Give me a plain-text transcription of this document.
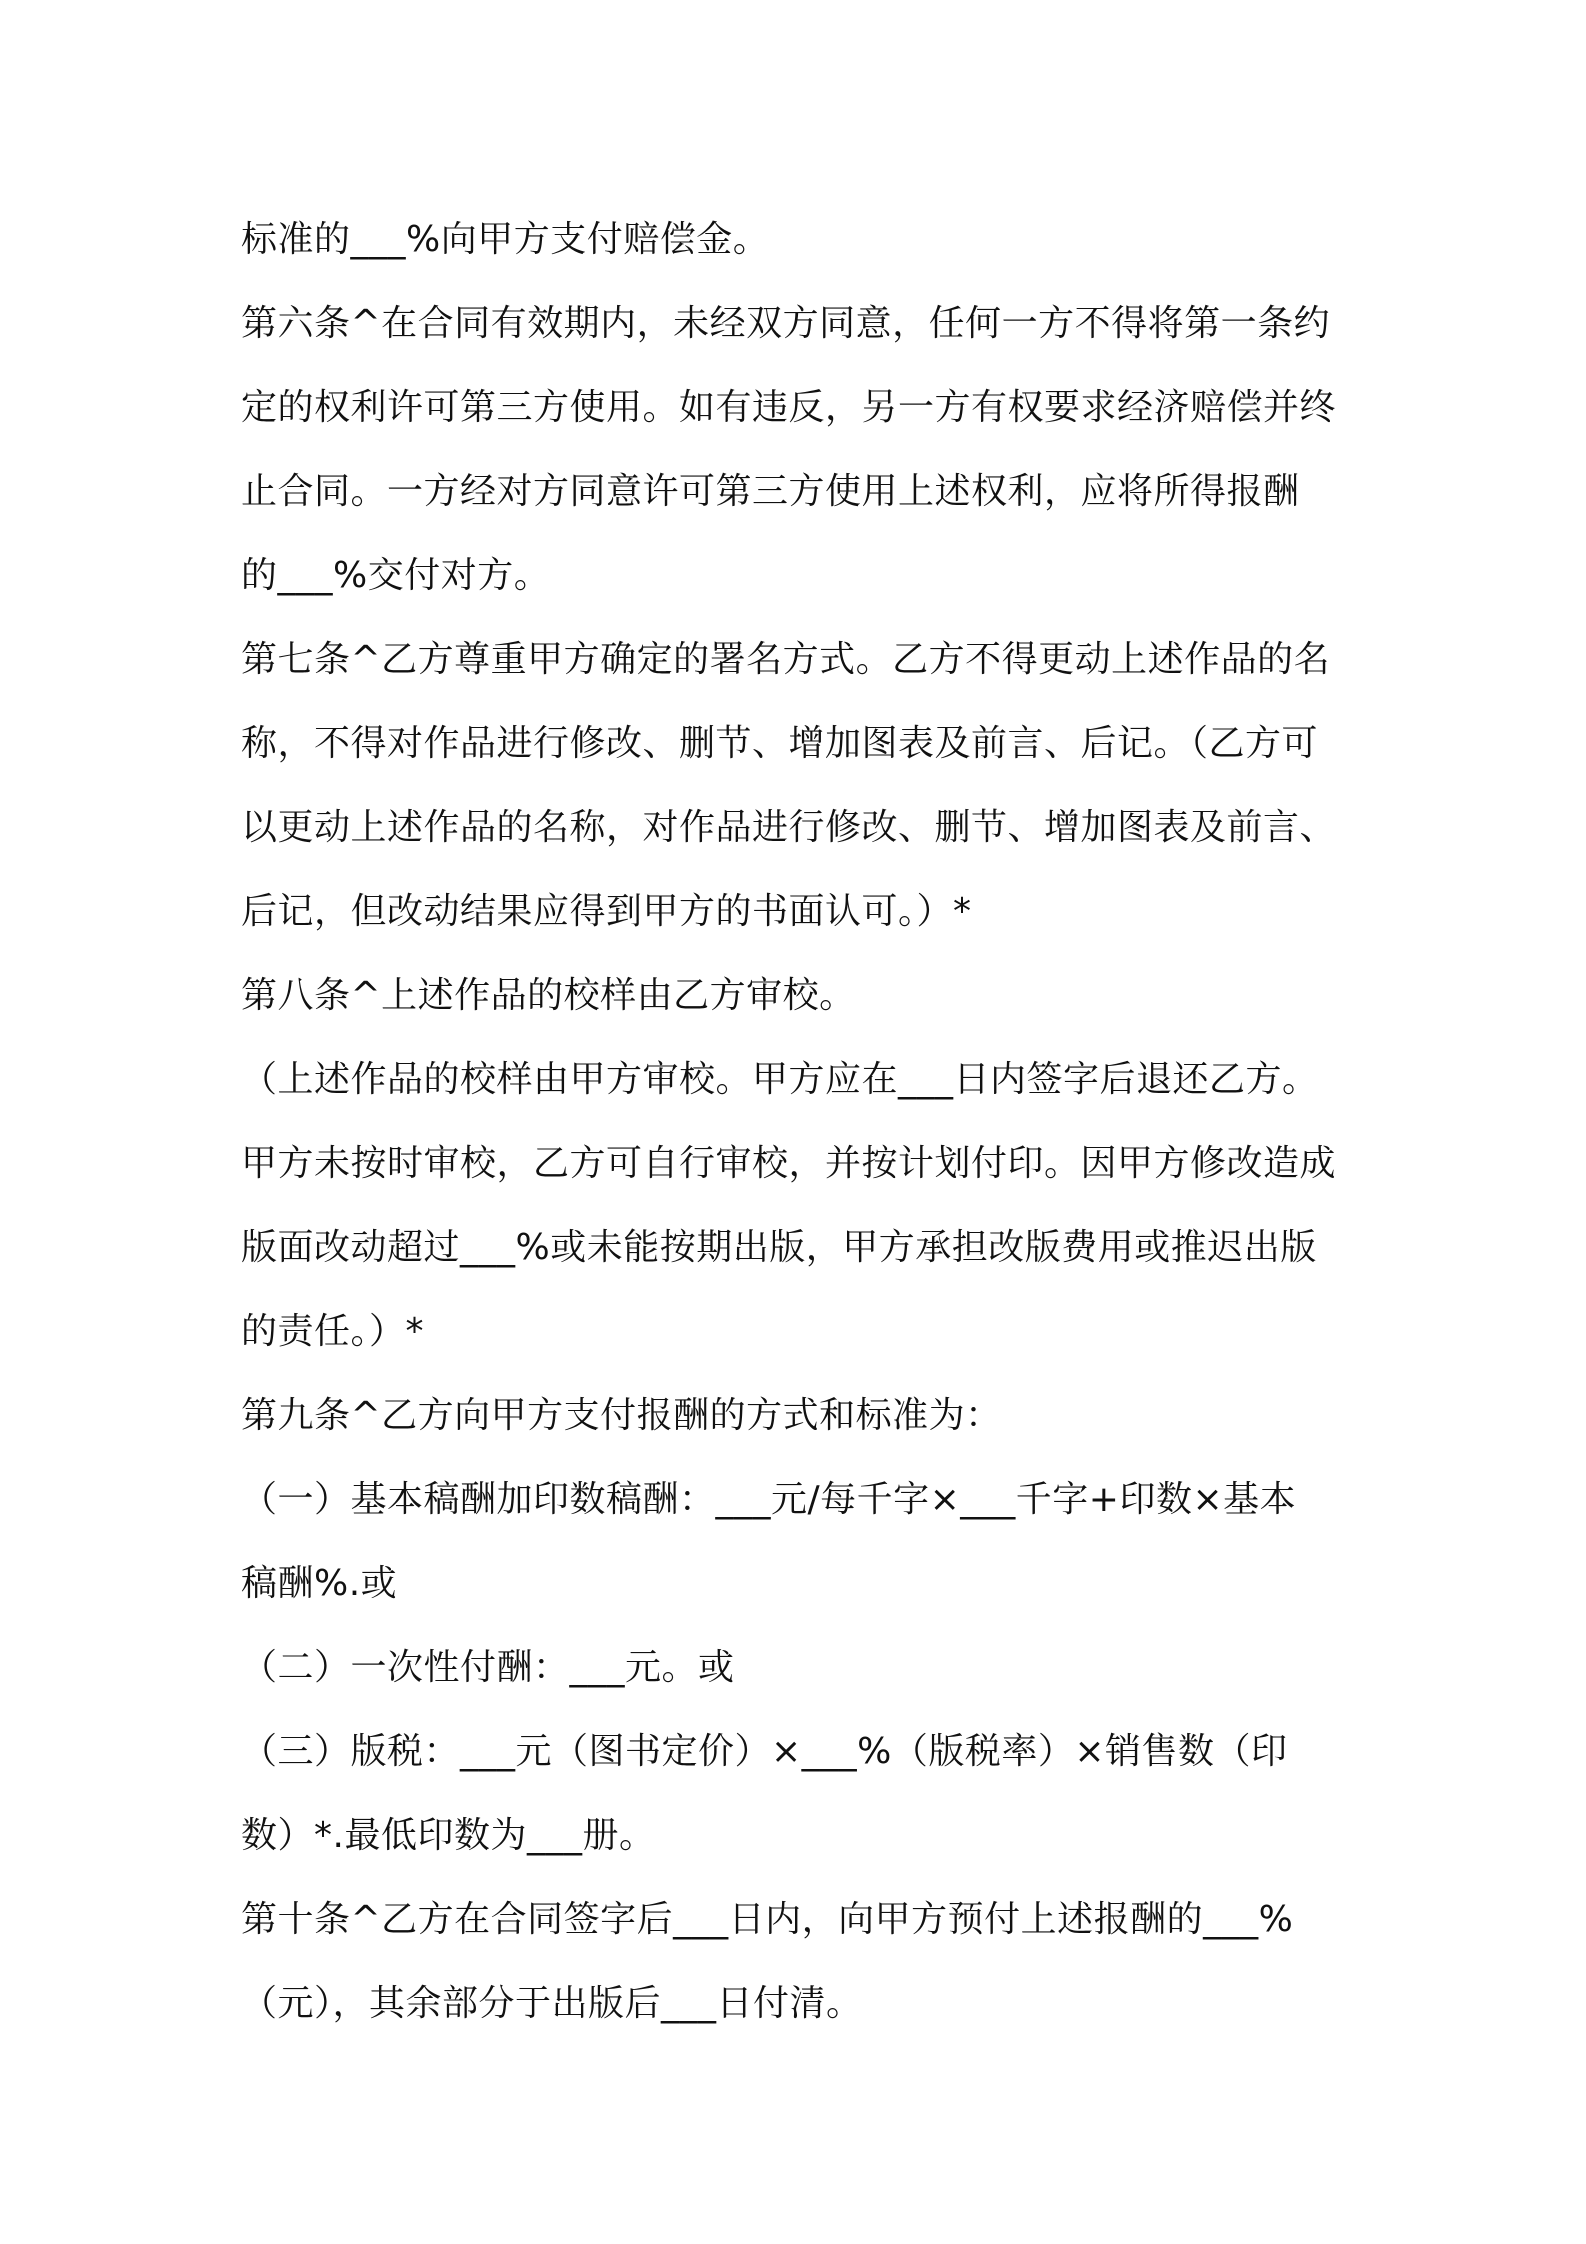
标准的___%向甲方支付赔偿金。
第六条^在合同有效期内，未经双方同意，任何一方不得将第一条约
定的权利许可第三方使用。如有违反，另一方有权要求经济赔偿并终
止合同。一方经对方同意许可第三方使用上述权利，应将所得报酬
的___%交付对方。
第七条^乙方尊重甲方确定的署名方式。乙方不得更动上述作品的名
称，不得对作品进行修改、删节、增加图表及前言、后记。（乙方可
以更动上述作品的名称，对作品进行修改、删节、增加图表及前言、
后记，但改动结果应得到甲方的书面认可。）*
第八条^上述作品的校样由乙方审校。
（上述作品的校样由甲方审校。甲方应在___日内签字后退还乙方。
甲方未按时审校，乙方可自行审校，并按计划付印。因甲方修改造成
版面改动超过___%或未能按期出版，甲方承担改版费用或推迟出版
的责任。）*
第九条^乙方向甲方支付报酬的方式和标准为：
（一）基本稿酬加印数稿酬：___元/每千字×___千字+印数×基本
稿酬%.或
（二）一次性付酬：___元。或
（三）版税：___元（图书定价）×___%（版税率）×销售数（印
数）*.最低印数为___册。
第十条^乙方在合同签字后___日内，向甲方预付上述报酬的___%
（元），其余部分于出版后___日付清。
